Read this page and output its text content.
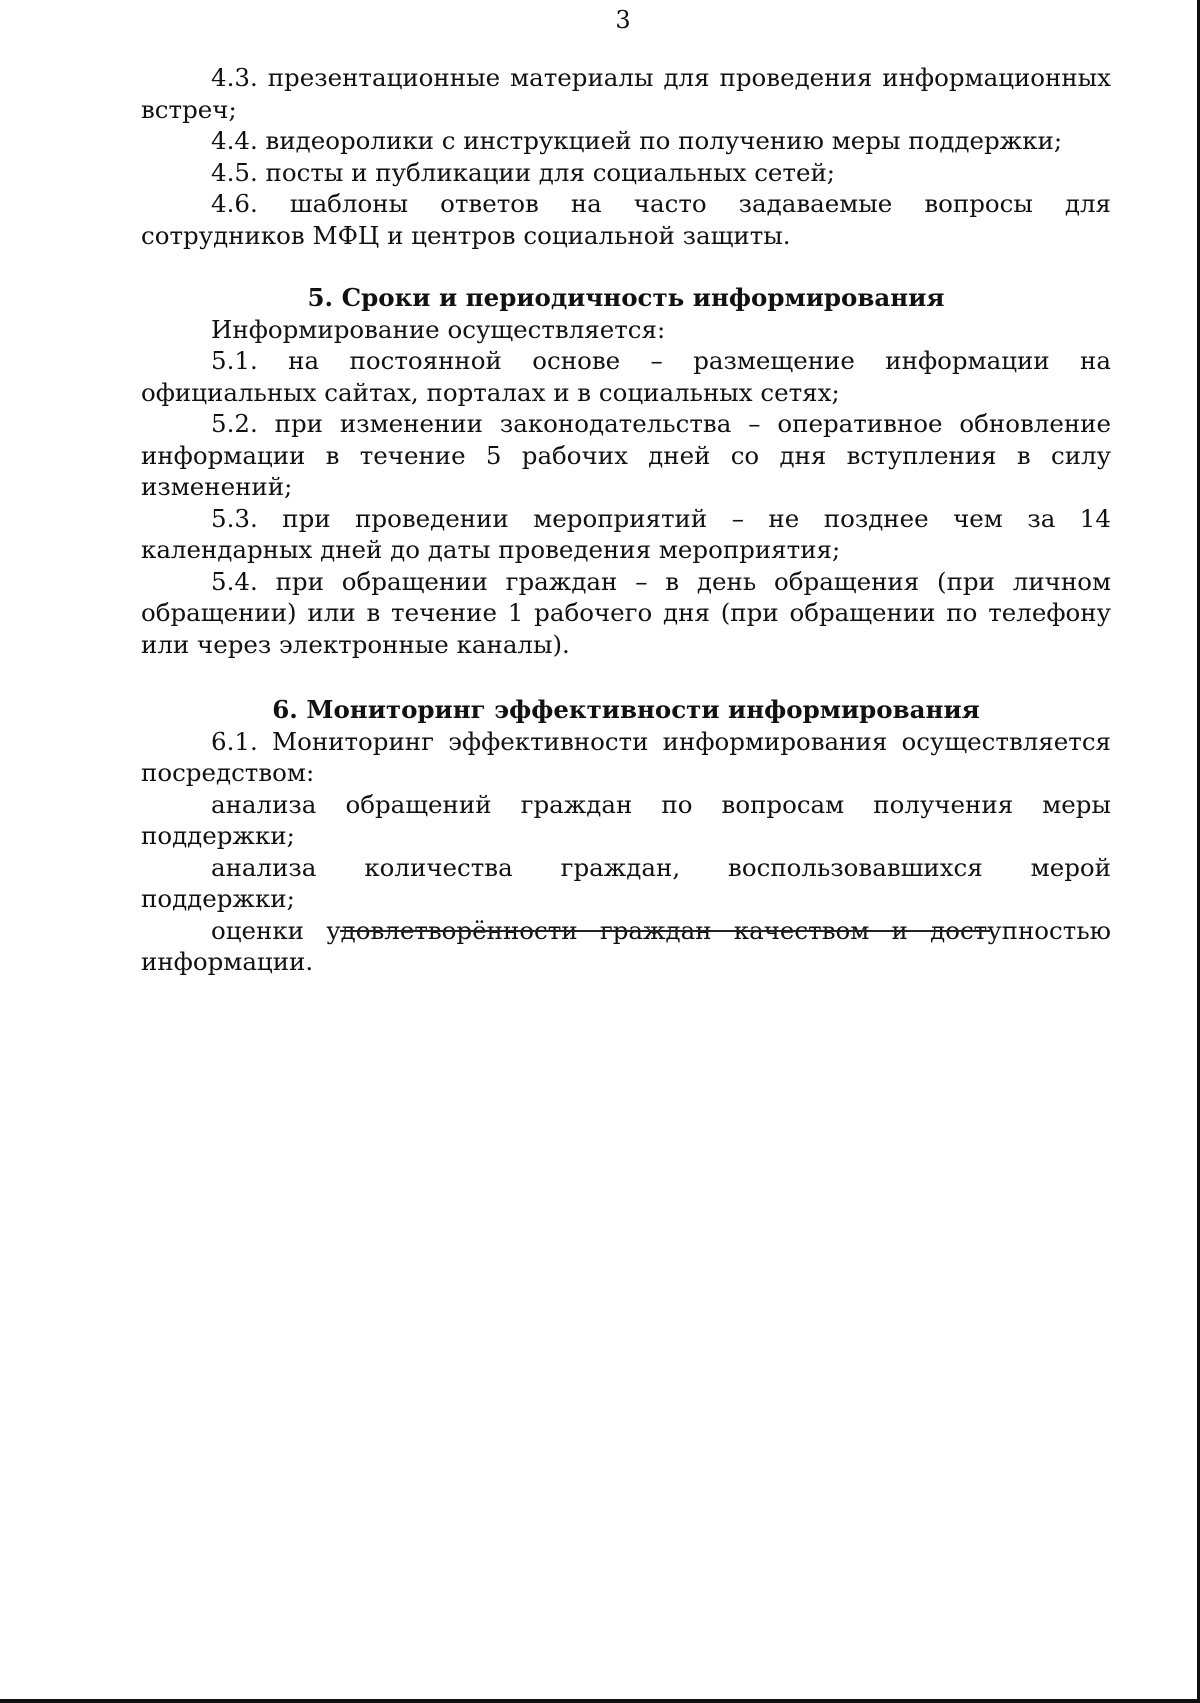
3

4.3. презентационные материалы для проведения информационных встреч;

4.4. видеоролики с инструкцией по получению меры поддержки;

4.5. посты и публикации для социальных сетей;

4.6. шаблоны ответов на часто задаваемые вопросы для сотрудников МФЦ и центров социальной защиты.

5. Сроки и периодичность информирования

Информирование осуществляется:

5.1. на постоянной основе – размещение информации на официальных сайтах, порталах и в социальных сетях;

5.2. при изменении законодательства – оперативное обновление информации в течение 5 рабочих дней со дня вступления в силу изменений;

5.3. при проведении мероприятий – не позднее чем за 14 календарных дней до даты проведения мероприятия;

5.4. при обращении граждан – в день обращения (при личном обращении) или в течение 1 рабочего дня (при обращении по телефону или через электронные каналы).

6. Мониторинг эффективности информирования

6.1. Мониторинг эффективности информирования осуществляется посредством:

анализа обращений граждан по вопросам получения меры поддержки;

анализа количества граждан, воспользовавшихся мерой поддержки;

оценки удовлетворённости граждан качеством и доступностью информации.
